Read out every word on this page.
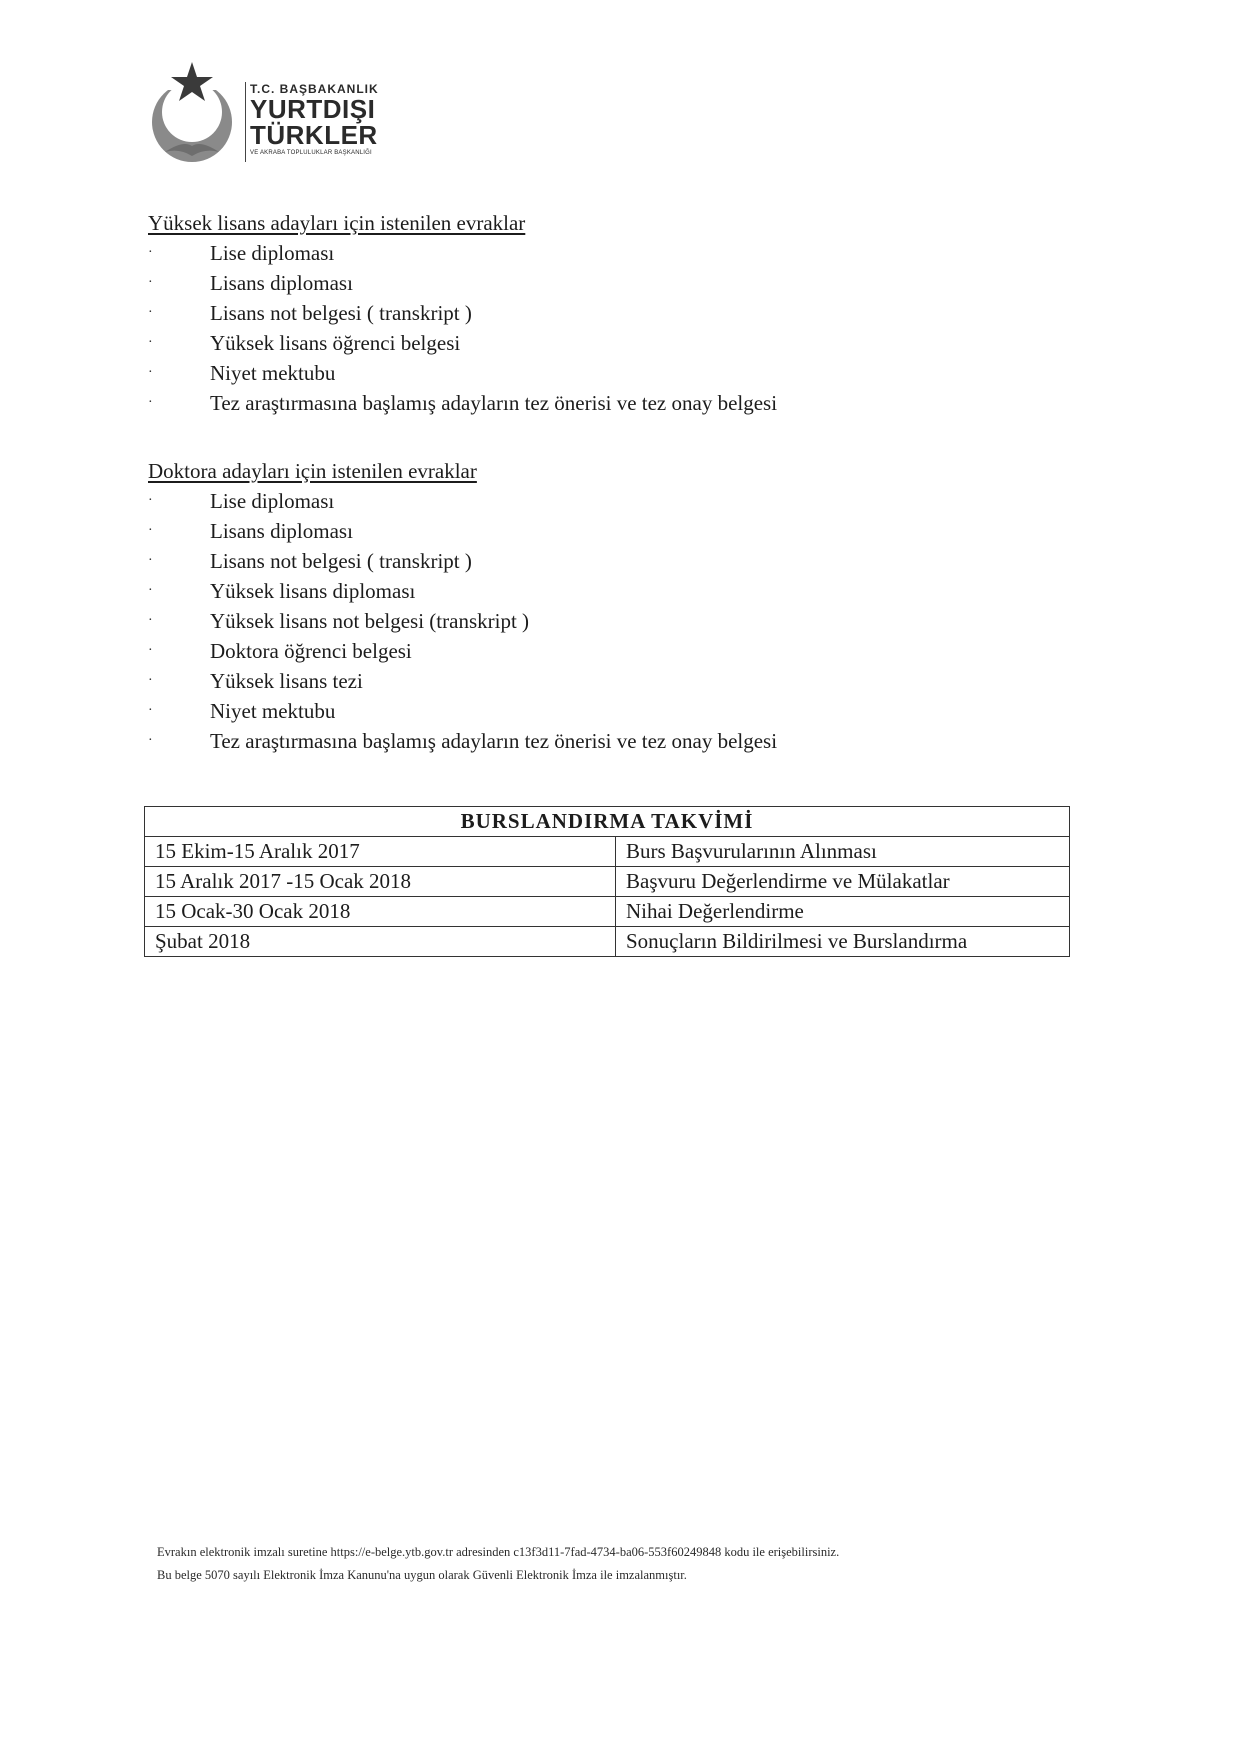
T.C. BAŞBAKANLIK
YURTDIŞI
TÜRKLER
VE AKRABA TOPLULUKLAR BAŞKANLIĞI
Yüksek lisans adayları için istenilen evraklar
·	Lise diploması
·	Lisans diploması
·	Lisans not belgesi ( transkript )
·	Yüksek lisans öğrenci belgesi
·	Niyet mektubu
·	Tez araştırmasına başlamış adayların tez önerisi ve tez onay belgesi
Doktora adayları için istenilen evraklar
·	Lise diploması
·	Lisans diploması
·	Lisans not belgesi ( transkript )
·	Yüksek lisans diploması
·	Yüksek lisans not belgesi (transkript )
·	Doktora öğrenci belgesi
·	Yüksek lisans tezi
·	Niyet mektubu
·	Tez araştırmasına başlamış adayların tez önerisi ve tez onay belgesi
BURSLANDIRMA TAKVİMİ	
15 Ekim-15 Aralık 2017	Burs Başvurularının Alınması
15 Aralık 2017 -15 Ocak 2018	Başvuru Değerlendirme ve Mülakatlar
15 Ocak-30 Ocak 2018	Nihai Değerlendirme
Şubat 2018	Sonuçların Bildirilmesi ve Burslandırma
Evrakın elektronik imzalı suretine https://e-belge.ytb.gov.tr adresinden c13f3d11-7fad-4734-ba06-553f60249848 kodu ile erişebilirsiniz.
Bu belge 5070 sayılı Elektronik İmza Kanunu'na uygun olarak Güvenli Elektronik İmza ile imzalanmıştır.
